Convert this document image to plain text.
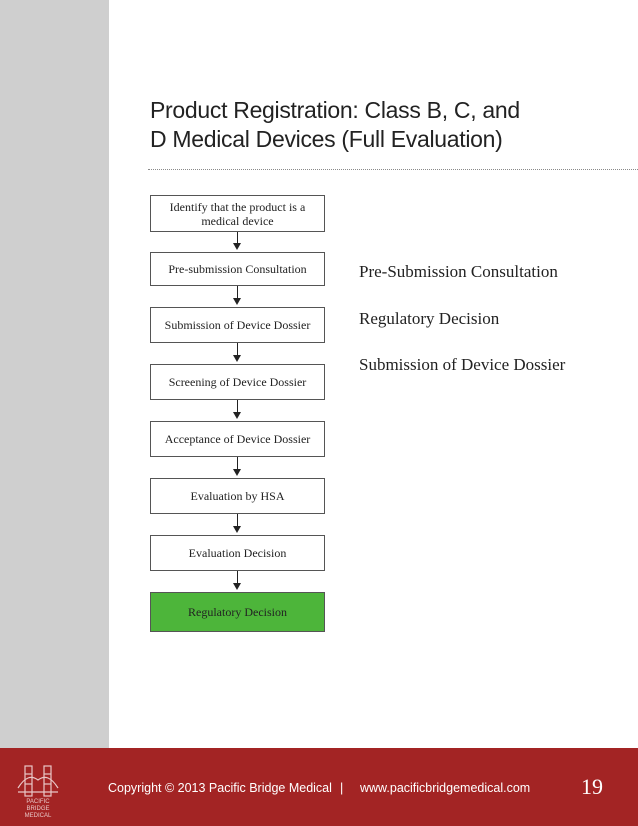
Product Registration: Class B, C, and
D Medical Devices (Full Evaluation)
Identify that the product is a medical device
Pre-submission Consultation
Submission of Device Dossier
Screening of Device Dossier
Acceptance of Device Dossier
Evaluation by HSA
Evaluation Decision
Regulatory Decision
Pre-Submission Consultation
Regulatory Decision
Submission of Device Dossier
PACIFIC
BRIDGE
MEDICAL
Copyright © 2013 Pacific Bridge Medical | www.pacificbridgemedical.com 19
